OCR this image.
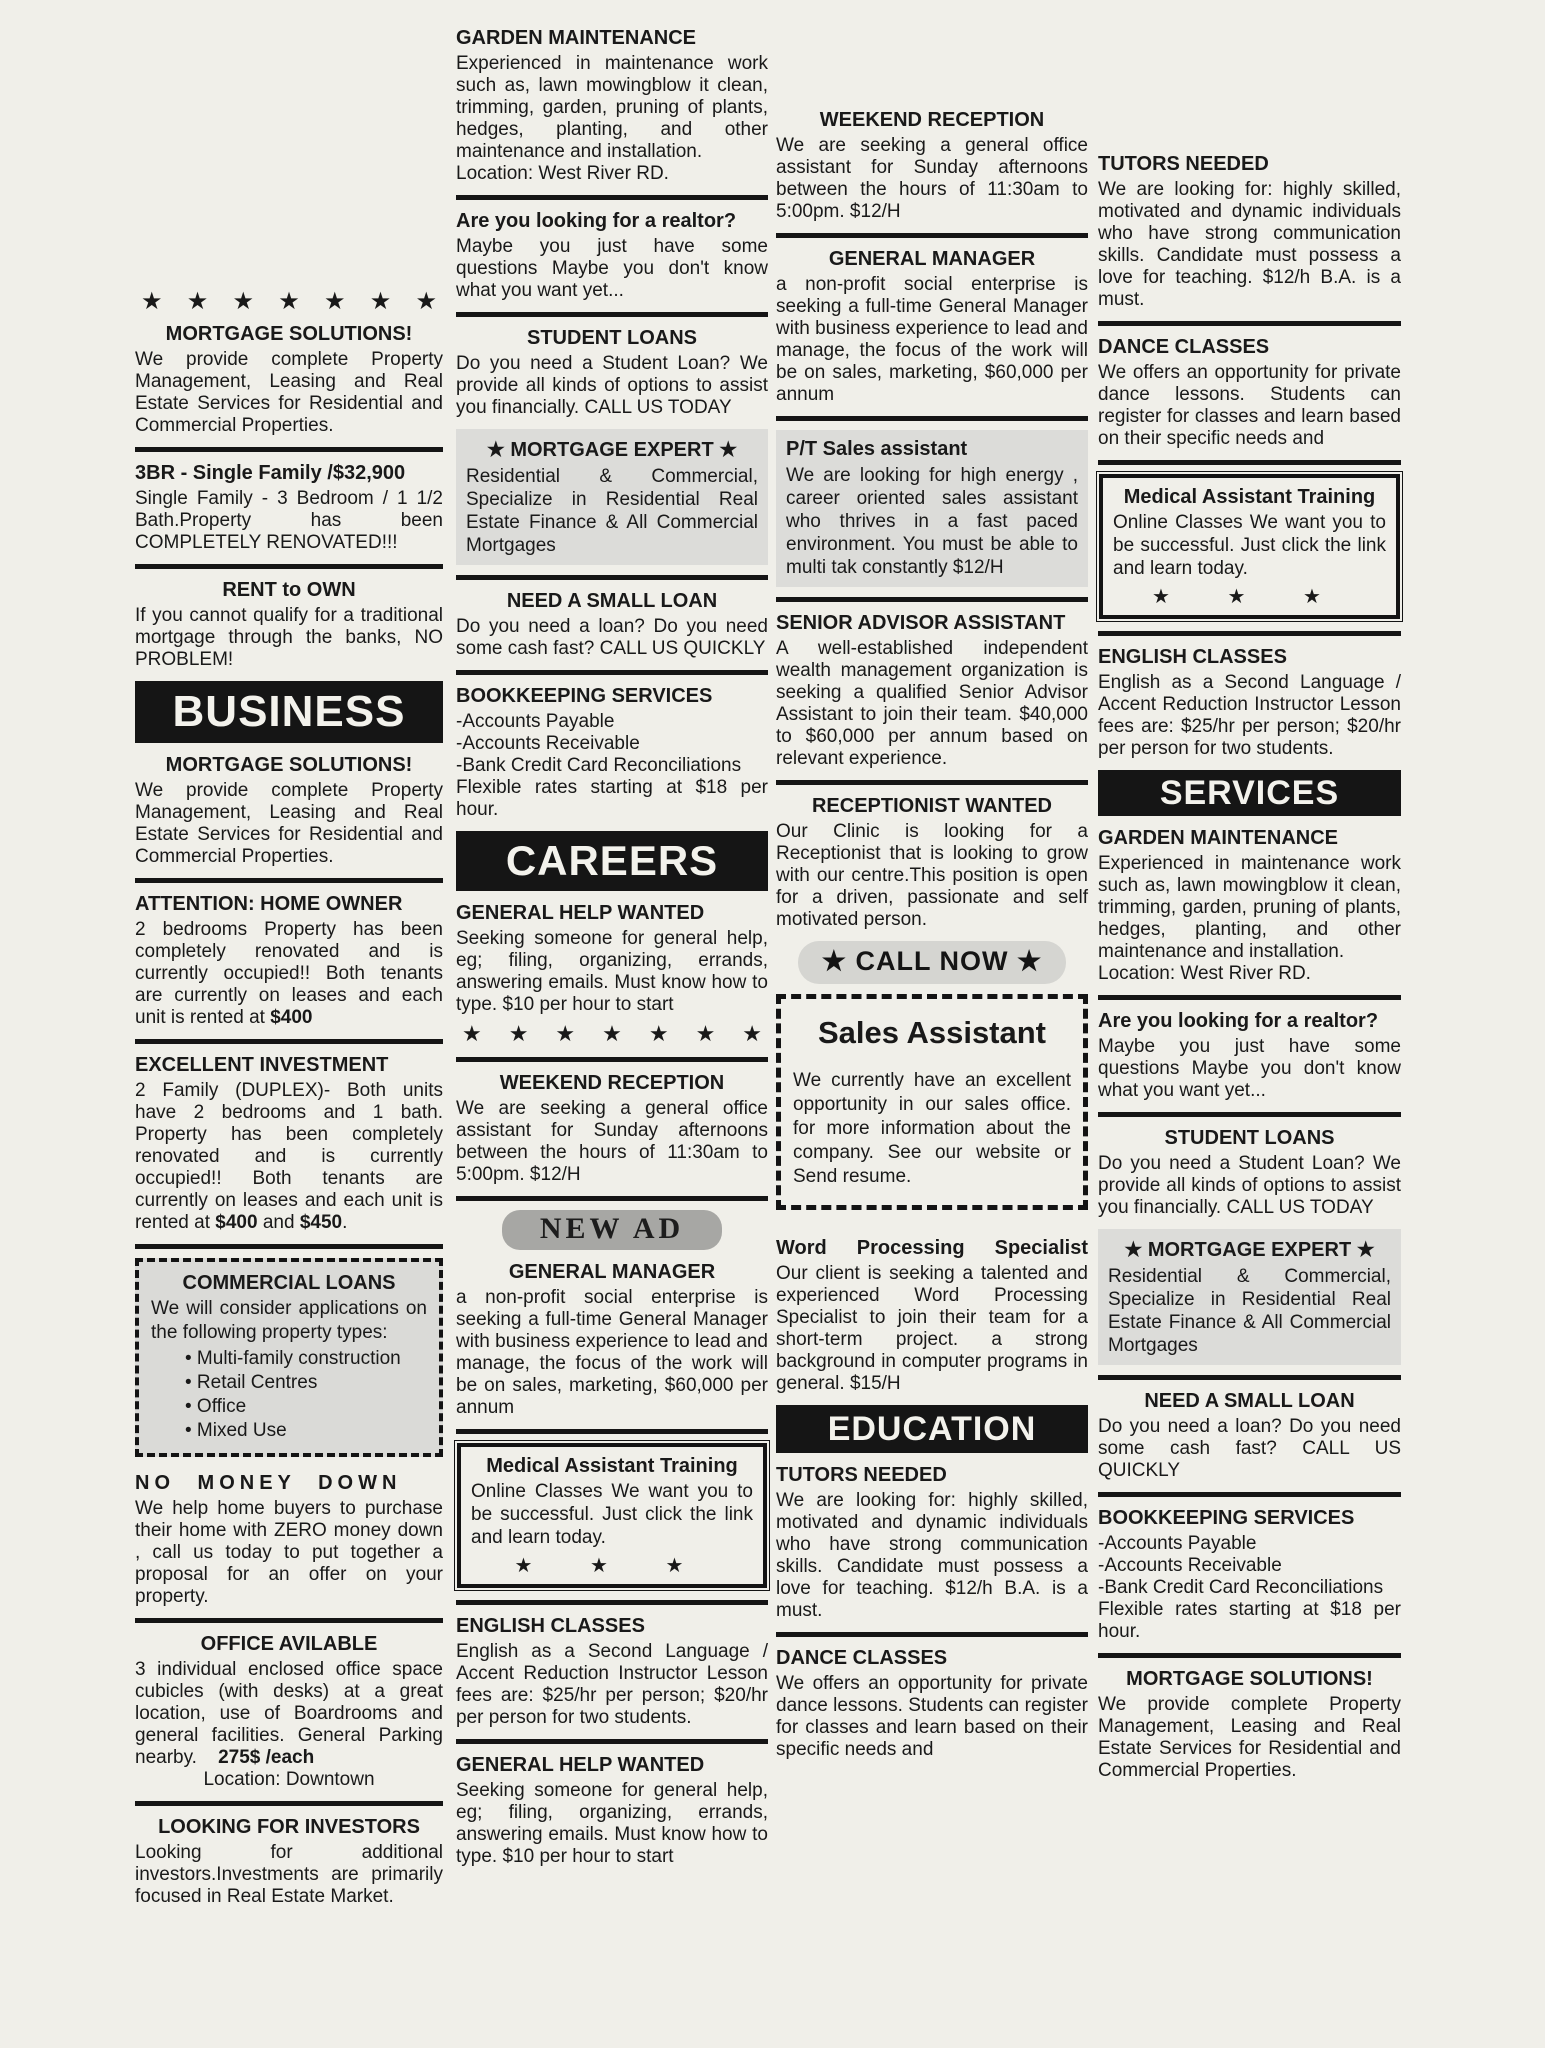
★ ★ ★ ★ ★ ★ ★
MORTGAGE SOLUTIONS!

We provide complete Property Management, Leasing and Real Estate Services for Residential and Commercial Properties.

3BR - Single Family /$32,900

Single Family - 3 Bedroom / 1 1/2 Bath.Property has been COMPLETELY RENOVATED!!!

RENT to OWN

If you cannot qualify for a traditional mortgage through the banks, NO PROBLEM!

BUSINESS
MORTGAGE SOLUTIONS!

We provide complete Property Management, Leasing and Real Estate Services for Residential and Commercial Properties.

ATTENTION: HOME OWNER

2 bedrooms Property has been completely renovated and is currently occupied!! Both tenants are currently on leases and each unit is rented at $400

EXCELLENT INVESTMENT

2 Family (DUPLEX)- Both units have 2 bedrooms and 1 bath. Property has been completely renovated and is currently occupied!! Both tenants are currently on leases and each unit is rented at $400 and $450.

COMMERCIAL LOANS

We will consider applications on the following property types:

• Multi-family construction
• Retail Centres
• Office
• Mixed Use
NO MONEY DOWN

We help home buyers to purchase their home with ZERO money down , call us today to put together a proposal for an offer on your property.

OFFICE AVILABLE

3 individual enclosed office space cubicles (with desks) at a great location, use of Boardrooms and general facilities. General Parking nearby. 275$ /each

Location: Downtown

LOOKING FOR INVESTORS

Looking for additional investors.Investments are primarily focused in Real Estate Market.

GARDEN MAINTENANCE

Experienced in maintenance work such as, lawn mowingblow it clean, trimming, garden, pruning of plants, hedges, planting, and other maintenance and installation.

Location: West River RD.

Are you looking for a realtor?

Maybe you just have some questions Maybe you don't know what you want yet...

STUDENT LOANS

Do you need a Student Loan? We provide all kinds of options to assist you financially. CALL US TODAY

★ MORTGAGE EXPERT ★

Residential & Commercial, Specialize in Residential Real Estate Finance & All Commercial Mortgages

NEED A SMALL LOAN

Do you need a loan? Do you need some cash fast? CALL US QUICKLY

BOOKKEEPING SERVICES

-Accounts Payable

-Accounts Receivable

-Bank Credit Card Reconciliations

Flexible rates starting at $18 per hour.

CAREERS
GENERAL HELP WANTED

Seeking someone for general help, eg; filing, organizing, errands, answering emails. Must know how to type. $10 per hour to start

★ ★ ★ ★ ★ ★ ★
WEEKEND RECEPTION

We are seeking a general office assistant for Sunday afternoons between the hours of 11:30am to 5:00pm. $12/H

NEW AD
GENERAL MANAGER

a non-profit social enterprise is seeking a full-time General Manager with business experience to lead and manage, the focus of the work will be on sales, marketing, $60,000 per annum

Medical Assistant Training

Online Classes We want you to be successful. Just click the link and learn today.

★ ★ ★
ENGLISH CLASSES

English as a Second Language / Accent Reduction Instructor Lesson fees are: $25/hr per person; $20/hr per person for two students.

GENERAL HELP WANTED

Seeking someone for general help, eg; filing, organizing, errands, answering emails. Must know how to type. $10 per hour to start

WEEKEND RECEPTION

We are seeking a general office assistant for Sunday afternoons between the hours of 11:30am to 5:00pm. $12/H

GENERAL MANAGER

a non-profit social enterprise is seeking a full-time General Manager with business experience to lead and manage, the focus of the work will be on sales, marketing, $60,000 per annum

P/T Sales assistant

We are looking for high energy , career oriented sales assistant who thrives in a fast paced environment. You must be able to multi tak constantly $12/H

SENIOR ADVISOR ASSISTANT

A well-established independent wealth management organization is seeking a qualified Senior Advisor Assistant to join their team. $40,000 to $60,000 per annum based on relevant experience.

RECEPTIONIST WANTED

Our Clinic is looking for a Receptionist that is looking to grow with our centre.This position is open for a driven, passionate and self motivated person.

★ CALL NOW ★
Sales Assistant

We currently have an excellent opportunity in our sales office. for more information about the company. See our website or Send resume.

Word Processing Specialist

Our client is seeking a talented and experienced Word Processing Specialist to join their team for a short-term project. a strong background in computer programs in general. $15/H

EDUCATION
TUTORS NEEDED

We are looking for: highly skilled, motivated and dynamic individuals who have strong communication skills. Candidate must possess a love for teaching. $12/h B.A. is a must.

DANCE CLASSES

We offers an opportunity for private dance lessons. Students can register for classes and learn based on their specific needs and

TUTORS NEEDED

We are looking for: highly skilled, motivated and dynamic individuals who have strong communication skills. Candidate must possess a love for teaching. $12/h B.A. is a must.

DANCE CLASSES

We offers an opportunity for private dance lessons. Students can register for classes and learn based on their specific needs and

Medical Assistant Training

Online Classes We want you to be successful. Just click the link and learn today.

★ ★ ★
ENGLISH CLASSES

English as a Second Language / Accent Reduction Instructor Lesson fees are: $25/hr per person; $20/hr per person for two students.

SERVICES
GARDEN MAINTENANCE

Experienced in maintenance work such as, lawn mowingblow it clean, trimming, garden, pruning of plants, hedges, planting, and other maintenance and installation.

Location: West River RD.

Are you looking for a realtor?

Maybe you just have some questions Maybe you don't know what you want yet...

STUDENT LOANS

Do you need a Student Loan? We provide all kinds of options to assist you financially. CALL US TODAY

★ MORTGAGE EXPERT ★

Residential & Commercial, Specialize in Residential Real Estate Finance & All Commercial Mortgages

NEED A SMALL LOAN

Do you need a loan? Do you need some cash fast? CALL US QUICKLY

BOOKKEEPING SERVICES

-Accounts Payable

-Accounts Receivable

-Bank Credit Card Reconciliations

Flexible rates starting at $18 per hour.

MORTGAGE SOLUTIONS!

We provide complete Property Management, Leasing and Real Estate Services for Residential and Commercial Properties.
